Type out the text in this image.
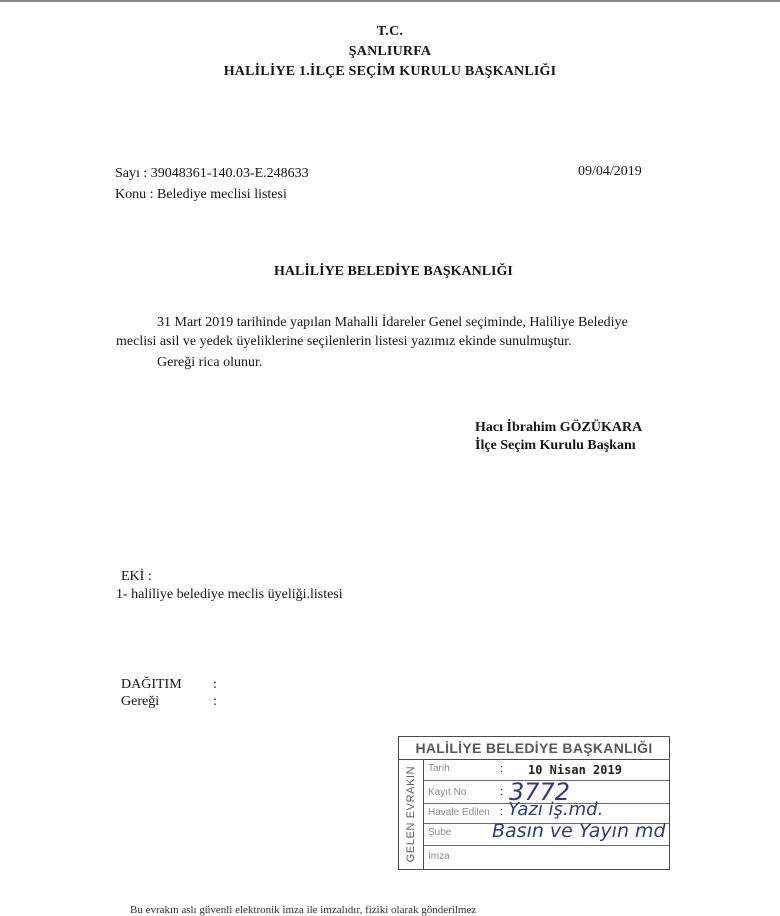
T.C.
ŞANLIURFA
HALİLİYE 1.İLÇE SEÇİM KURULU BAŞKANLIĞI
Sayı : 39048361-140.03-E.248633	09/04/2019
Konu : Belediye meclisi listesi
HALİLİYE BELEDİYE BAŞKANLIĞI
31 Mart 2019 tarihinde yapılan Mahalli İdareler Genel seçiminde, Haliliye Belediye
meclisi asil ve yedek üyeliklerine seçilenlerin listesi yazımız ekinde sunulmuştur.
Gereği rica olunur.
Hacı İbrahim GÖZÜKARA
İlçe Seçim Kurulu Başkanı
EKİ :
1- haliliye belediye meclis üyeliği.listesi
DAĞITIM :
Gereği	:
HALİLİYE BELEDİYE BAŞKANLIĞI
GELEN EVRAKIN Tarih	: 10 Nisan 2019
Kayıt No	: 3772
Havale Edilen : Yazı iş.md.
Şube Basın ve Yayın md
İmza
Bu evrakın aslı güvenli elektronik imza ile imzalıdır, fiziki olarak gönderilmez
